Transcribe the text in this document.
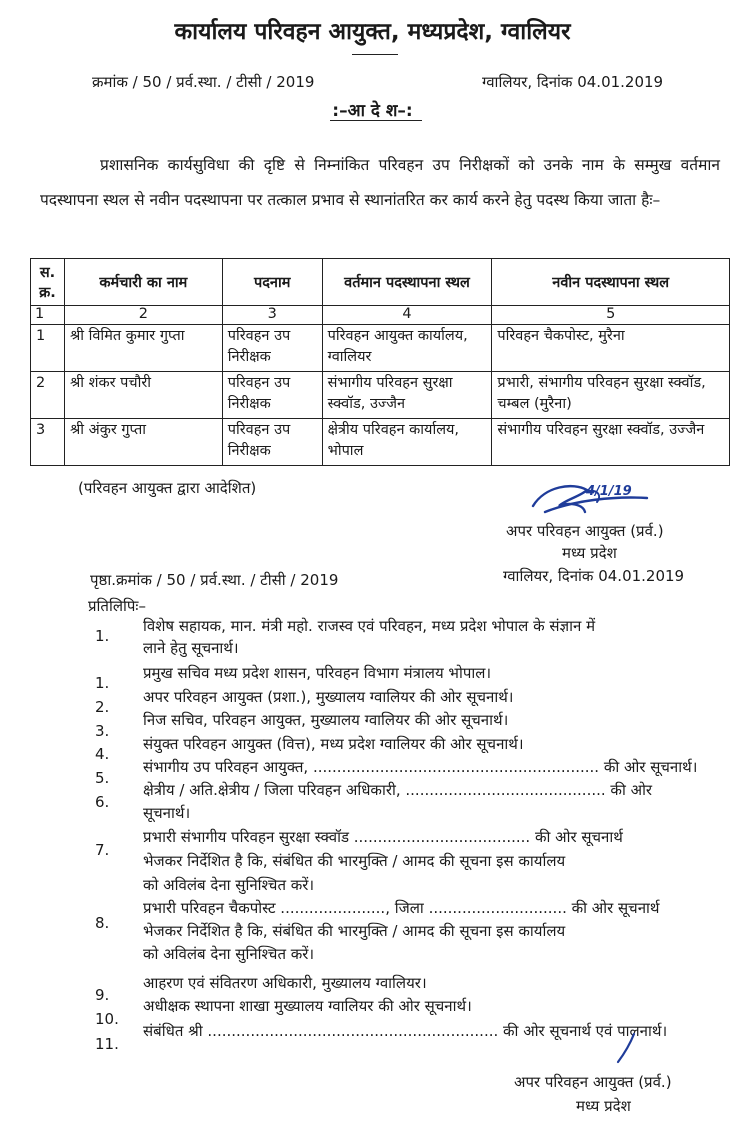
कार्यालय परिवहन आयुक्त, मध्यप्रदेश, ग्वालियर
क्रमांक / 50 / प्रर्व.स्था. / टीसी / 2019	ग्वालियर, दिनांक 04.01.2019
:–आ दे श–:
प्रशासनिक कार्यसुविधा की दृष्टि से निम्नांकित परिवहन उप निरीक्षकों को उनके नाम के सम्मुख वर्तमान पदस्थापना स्थल से नवीन पदस्थापना पर तत्काल प्रभाव से स्थानांतरित कर कार्य करने हेतु पदस्थ किया जाता हैः–
स. क्र.	कर्मचारी का नाम	पदनाम	वर्तमान पदस्थापना स्थल	नवीन पदस्थापना स्थल
1	2	3	4	5
1	श्री विमित कुमार गुप्ता	परिवहन उप निरीक्षक	परिवहन आयुक्त कार्यालय, ग्वालियर	परिवहन चैकपोस्ट, मुरैना
2	श्री शंकर पचौरी	परिवहन उप निरीक्षक	संभागीय परिवहन सुरक्षा स्क्वॉड, उज्जैन	प्रभारी, संभागीय परिवहन सुरक्षा स्क्वॉड, चम्बल (मुरैना)
3	श्री अंकुर गुप्ता	परिवहन उप निरीक्षक	क्षेत्रीय परिवहन कार्यालय, भोपाल	संभागीय परिवहन सुरक्षा स्क्वॉड, उज्जैन
(परिवहन आयुक्त द्वारा आदेशित)	4/1/19
अपर परिवहन आयुक्त (प्रर्व.)
मध्य प्रदेश
पृष्ठा.क्रमांक / 50 / प्रर्व.स्था. / टीसी / 2019	ग्वालियर, दिनांक 04.01.2019
प्रतिलिपिः–
1.
विशेष सहायक, मान. मंत्री महो. राजस्व एवं परिवहन, मध्य प्रदेश भोपाल के संज्ञान में
लाने हेतु सूचनार्थ।
1.
प्रमुख सचिव मध्य प्रदेश शासन, परिवहन विभाग मंत्रालय भोपाल।
2.
अपर परिवहन आयुक्त (प्रशा.), मुख्यालय ग्वालियर की ओर सूचनार्थ।
3.
निज सचिव, परिवहन आयुक्त, मुख्यालय ग्वालियर की ओर सूचनार्थ।
4.
संयुक्त परिवहन आयुक्त (वित्त), मध्य प्रदेश ग्वालियर की ओर सूचनार्थ।
5.
संभागीय उप परिवहन आयुक्त, ............................................................ की ओर सूचनार्थ।
6.
क्षेत्रीय / अति.क्षेत्रीय / जिला परिवहन अधिकारी, .......................................... की ओर
सूचनार्थ।
7.
प्रभारी संभागीय परिवहन सुरक्षा स्क्वॉड ..................................... की ओर सूचनार्थ
भेजकर निर्देशित है कि, संबंधित की भारमुक्ति / आमद की सूचना इस कार्यालय
को अविलंब देना सुनिश्चित करें।
8.
प्रभारी परिवहन चैकपोस्ट ......................, जिला ............................. की ओर सूचनार्थ
भेजकर निर्देशित है कि, संबंधित की भारमुक्ति / आमद की सूचना इस कार्यालय
को अविलंब देना सुनिश्चित करें।
9.
आहरण एवं संवितरण अधिकारी, मुख्यालय ग्वालियर।
10.
अधीक्षक स्थापना शाखा मुख्यालय ग्वालियर की ओर सूचनार्थ।
11.
संबंधित श्री ............................................................. की ओर सूचनार्थ एवं पालनार्थ।
अपर परिवहन आयुक्त (प्रर्व.)
मध्य प्रदेश
